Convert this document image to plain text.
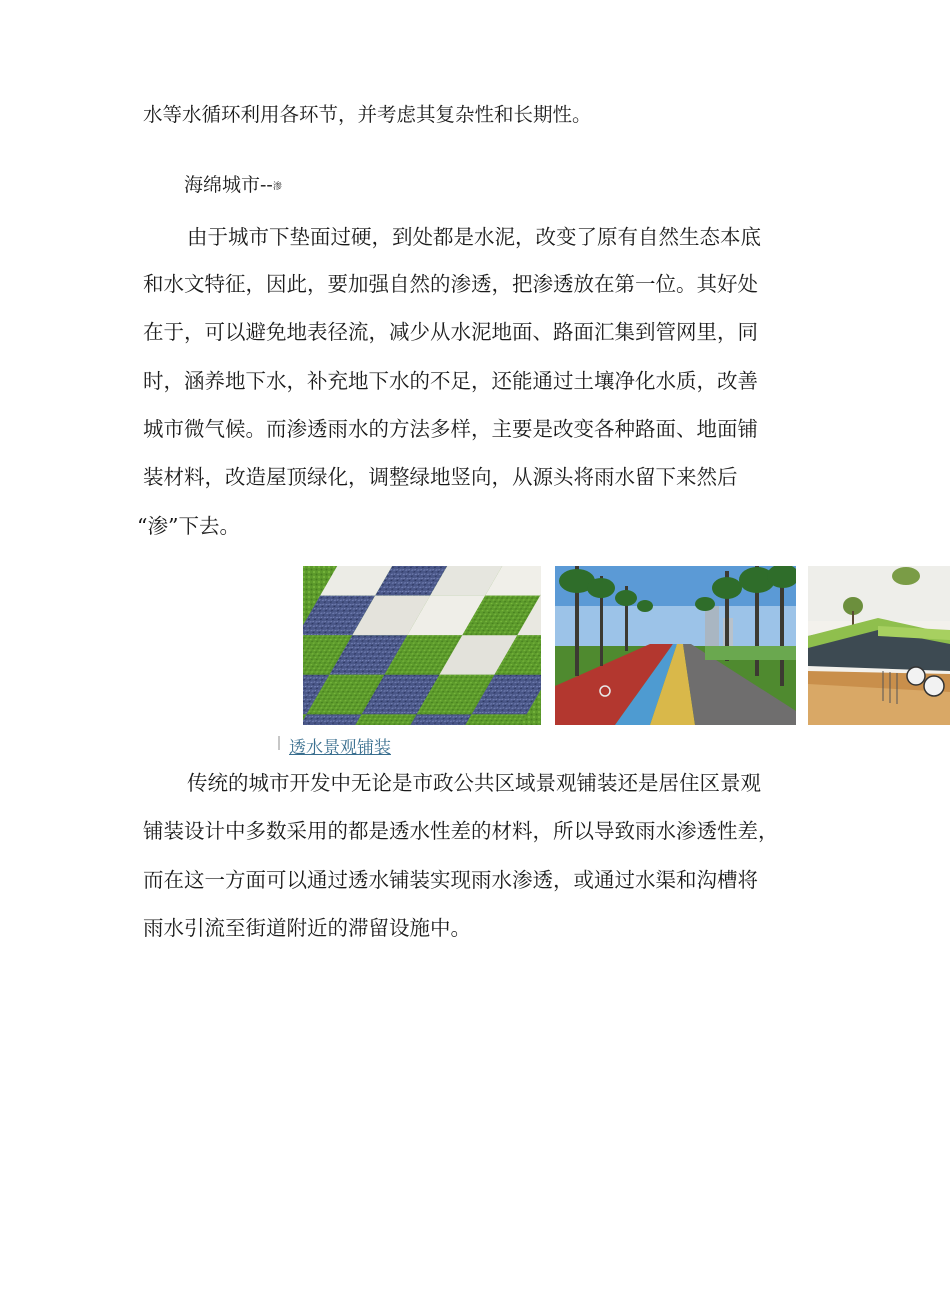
水等水循环利用各环节，并考虑其复杂性和长期性。
海绵城市--$^渗$
由于城市下垫面过硬，到处都是水泥，改变了原有自然生态本底
和水文特征，因此，要加强自然的渗透，把渗透放在第一位。其好处
在于，可以避免地表径流，减少从水泥地面、路面汇集到管网里，同
时，涵养地下水，补充地下水的不足，还能通过土壤净化水质，改善
城市微气候。而渗透雨水的方法多样，主要是改变各种路面、地面铺
装材料，改造屋顶绿化，调整绿地竖向，从源头将雨水留下来然后
“渗”下去。
透水景观铺装
传统的城市开发中无论是市政公共区域景观铺装还是居住区景观
铺装设计中多数采用的都是透水性差的材料，所以导致雨水渗透性差，
而在这一方面可以通过透水铺装实现雨水渗透，或通过水渠和沟槽将
雨水引流至街道附近的滞留设施中。
